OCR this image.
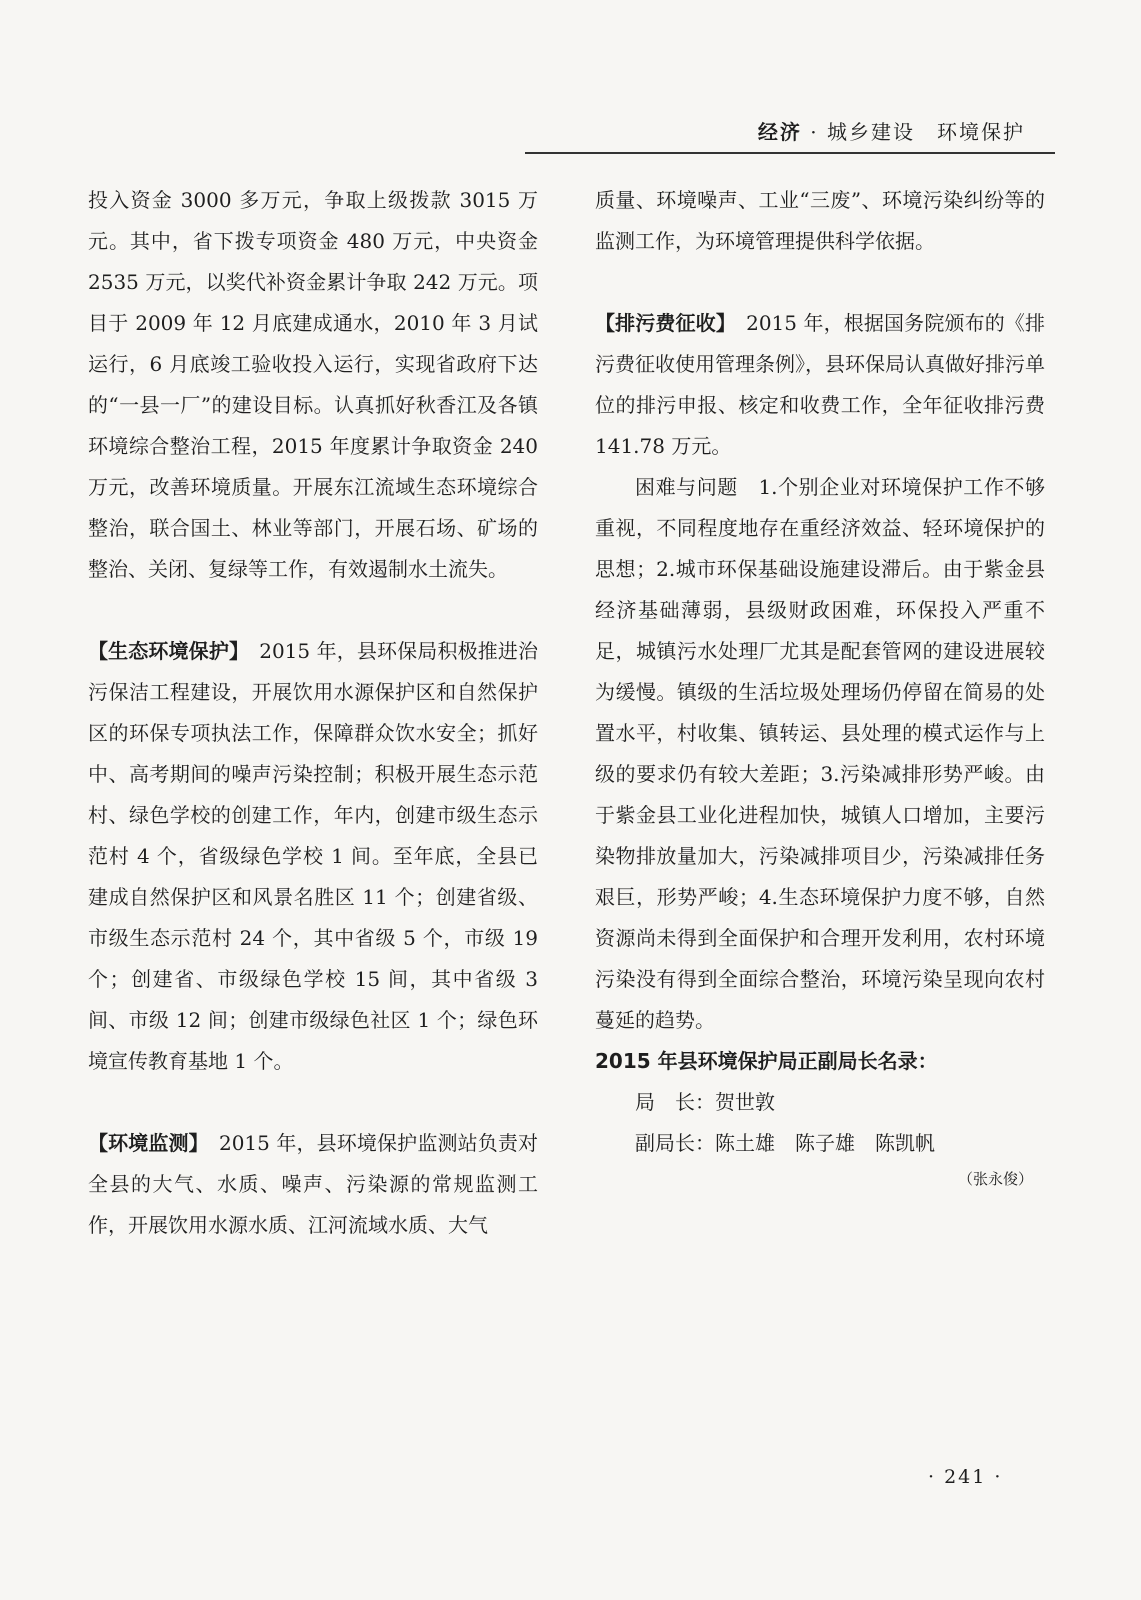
经济 · 城乡建设　环境保护

投入资金 3000 多万元，争取上级拨款 3015 万元。其中，省下拨专项资金 480 万元，中央资金 2535 万元，以奖代补资金累计争取 242 万元。项目于 2009 年 12 月底建成通水，2010 年 3 月试运行，6 月底竣工验收投入运行，实现省政府下达的“一县一厂”的建设目标。认真抓好秋香江及各镇环境综合整治工程，2015 年度累计争取资金 240 万元，改善环境质量。开展东江流域生态环境综合整治，联合国土、林业等部门，开展石场、矿场的整治、关闭、复绿等工作，有效遏制水土流失。

【生态环境保护】　2015 年，县环保局积极推进治污保洁工程建设，开展饮用水源保护区和自然保护区的环保专项执法工作，保障群众饮水安全；抓好中、高考期间的噪声污染控制；积极开展生态示范村、绿色学校的创建工作，年内，创建市级生态示范村 4 个，省级绿色学校 1 间。至年底，全县已建成自然保护区和风景名胜区 11 个；创建省级、市级生态示范村 24 个，其中省级 5 个，市级 19 个；创建省、市级绿色学校 15 间，其中省级 3 间、市级 12 间；创建市级绿色社区 1 个；绿色环境宣传教育基地 1 个。

【环境监测】　2015 年，县环境保护监测站负责对全县的大气、水质、噪声、污染源的常规监测工作，开展饮用水源水质、江河流域水质、大气

质量、环境噪声、工业“三废”、环境污染纠纷等的监测工作，为环境管理提供科学依据。

【排污费征收】　2015 年，根据国务院颁布的《排污费征收使用管理条例》，县环保局认真做好排污单位的排污申报、核定和收费工作，全年征收排污费 141.78 万元。

困难与问题　1.个别企业对环境保护工作不够重视，不同程度地存在重经济效益、轻环境保护的思想；2.城市环保基础设施建设滞后。由于紫金县经济基础薄弱，县级财政困难，环保投入严重不足，城镇污水处理厂尤其是配套管网的建设进展较为缓慢。镇级的生活垃圾处理场仍停留在简易的处置水平，村收集、镇转运、县处理的模式运作与上级的要求仍有较大差距；3.污染减排形势严峻。由于紫金县工业化进程加快，城镇人口增加，主要污染物排放量加大，污染减排项目少，污染减排任务艰巨，形势严峻；4.生态环境保护力度不够，自然资源尚未得到全面保护和合理开发利用，农村环境污染没有得到全面综合整治，环境污染呈现向农村蔓延的趋势。

2015 年县环境保护局正副局长名录：

局　长：贺世敦

副局长：陈土雄　陈子雄　陈凯帆

（张永俊）

· 241 ·
